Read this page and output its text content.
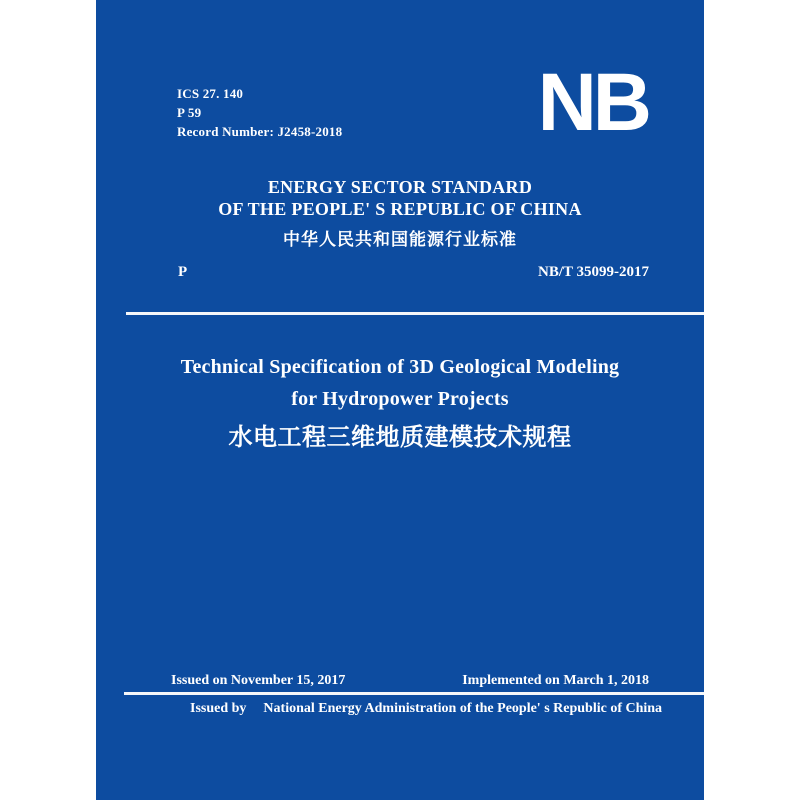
ICS 27. 140
P 59
Record Number: J2458-2018 NB
ENERGY SECTOR STANDARD
OF THE PEOPLE' S REPUBLIC OF CHINA
中华人民共和国能源行业标准
P	NB/T 35099-2017
Technical Specification of 3D Geological Modeling
for Hydropower Projects
水电工程三维地质建模技术规程
Issued on November 15, 2017	Implemented on March 1, 2018
Issued by National Energy Administration of the People' s Republic of China
